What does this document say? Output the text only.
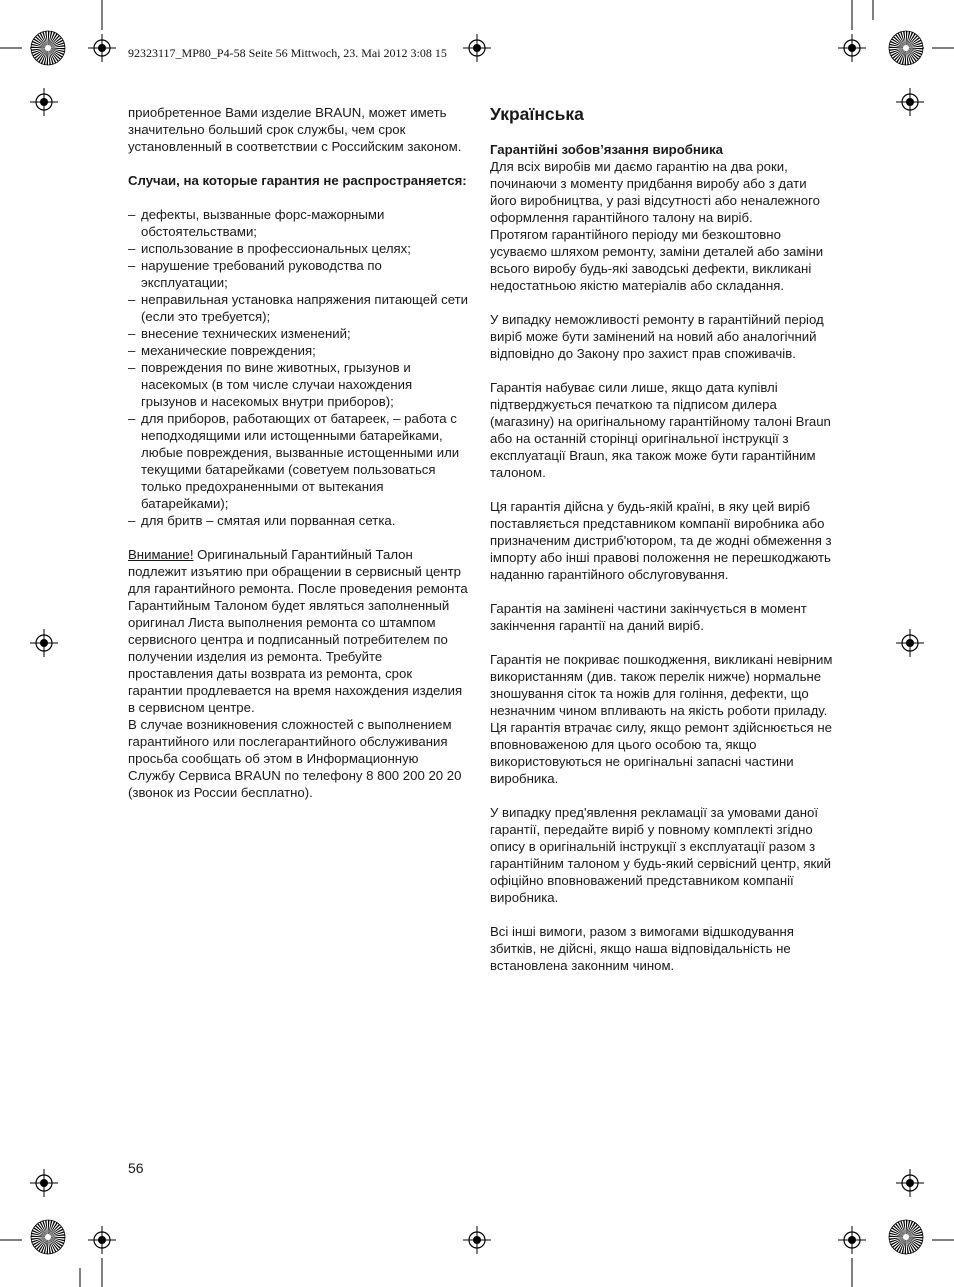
92323117_MP80_P4-58 Seite 56 Mittwoch, 23. Mai 2012 3:08 15

приобретенное Вами изделие BRAUN, может иметь значительно больший срок службы, чем срок установленный в соответствии с Российским законом.

Случаи, на которые гарантия не распространяется:

– дефекты, вызванные форс-мажорными обстоятельствами;
– использование в профессиональных целях;
– нарушение требований руководства по эксплуатации;
– неправильная установка напряжения питающей сети (если это требуется);
– внесение технических изменений;
– механические повреждения;
– повреждения по вине животных, грызунов и насекомых (в том числе случаи нахождения грызунов и насекомых внутри приборов);
– для приборов, работающих от батареек, – работа с неподходящими или истощенными батарейками, любые повреждения, вызванные истощенными или текущими батарейками (советуем пользоваться только предохраненными от вытекания батарейками);
– для бритв – смятая или порванная сетка.

Внимание! Оригинальный Гарантийный Талон подлежит изъятию при обращении в сервисный центр для гарантийного ремонта. После проведения ремонта Гарантийным Талоном будет являться заполненный оригинал Листа выполнения ремонта со штампом сервисного центра и подписанный потребителем по получении изделия из ремонта. Требуйте проставления даты возврата из ремонта, срок гарантии продлевается на время нахождения изделия в сервисном центре.

В случае возникновения сложностей с выполнением гарантийного или послегарантийного обслуживания просьба сообщать об этом в Информационную Службу Сервиса BRAUN по телефону 8 800 200 20 20 (звонок из России бесплатно).

Українська

Гарантійні зобов’язання виробника

Для всіх виробів ми даємо гарантію на два роки, починаючи з моменту придбання виробу або з дати його виробництва, у разі відсутності або неналежного оформлення гарантійного талону на виріб.

Протягом гарантійного періоду ми безкоштовно усуваємо шляхом ремонту, заміни деталей або заміни всього виробу будь-які заводські дефекти, викликані недостатньою якістю матеріалів або складання.

У випадку неможливості ремонту в гарантійний період виріб може бути замінений на новий або аналогічний відповідно до Закону про захист прав споживачів.

Гарантія набуває сили лише, якщо дата купівлі підтверджується печаткою та підписом дилера (магазину) на оригінальному гарантійному талоні Braun або на останній сторінці оригінальної інструкції з експлуатації Braun, яка також може бути гарантійним талоном.

Ця гарантія дійсна у будь-якій країні, в яку цей виріб поставляється представником компанії виробника або призначеним дистриб'ютором, та де жодні обмеження з імпорту або інші правові положення не перешкоджають наданню гарантійного обслуговування.

Гарантія на замінені частини закінчується в момент закінчення гарантії на даний виріб.

Гарантія не покриває пошкодження, викликані невірним використанням (див. також перелік нижче) нормальне зношування сіток та ножів для гоління, дефекти, що незначним чином впливають на якість роботи приладу. Ця гарантія втрачає силу, якщо ремонт здійснюється не вповноваженою для цього особою та, якщо використовуються не оригінальні запасні частини виробника.

У випадку пред'явлення рекламації за умовами даної гарантії, передайте виріб у повному комплекті згідно опису в оригінальній інструкції з експлуатації разом з гарантійним талоном у будь-який сервісний центр, який офіційно вповноважений представником компанії виробника.

Всі інші вимоги, разом з вимогами відшкодування збитків, не дійсні, якщо наша відповідальність не встановлена законним чином.

56
